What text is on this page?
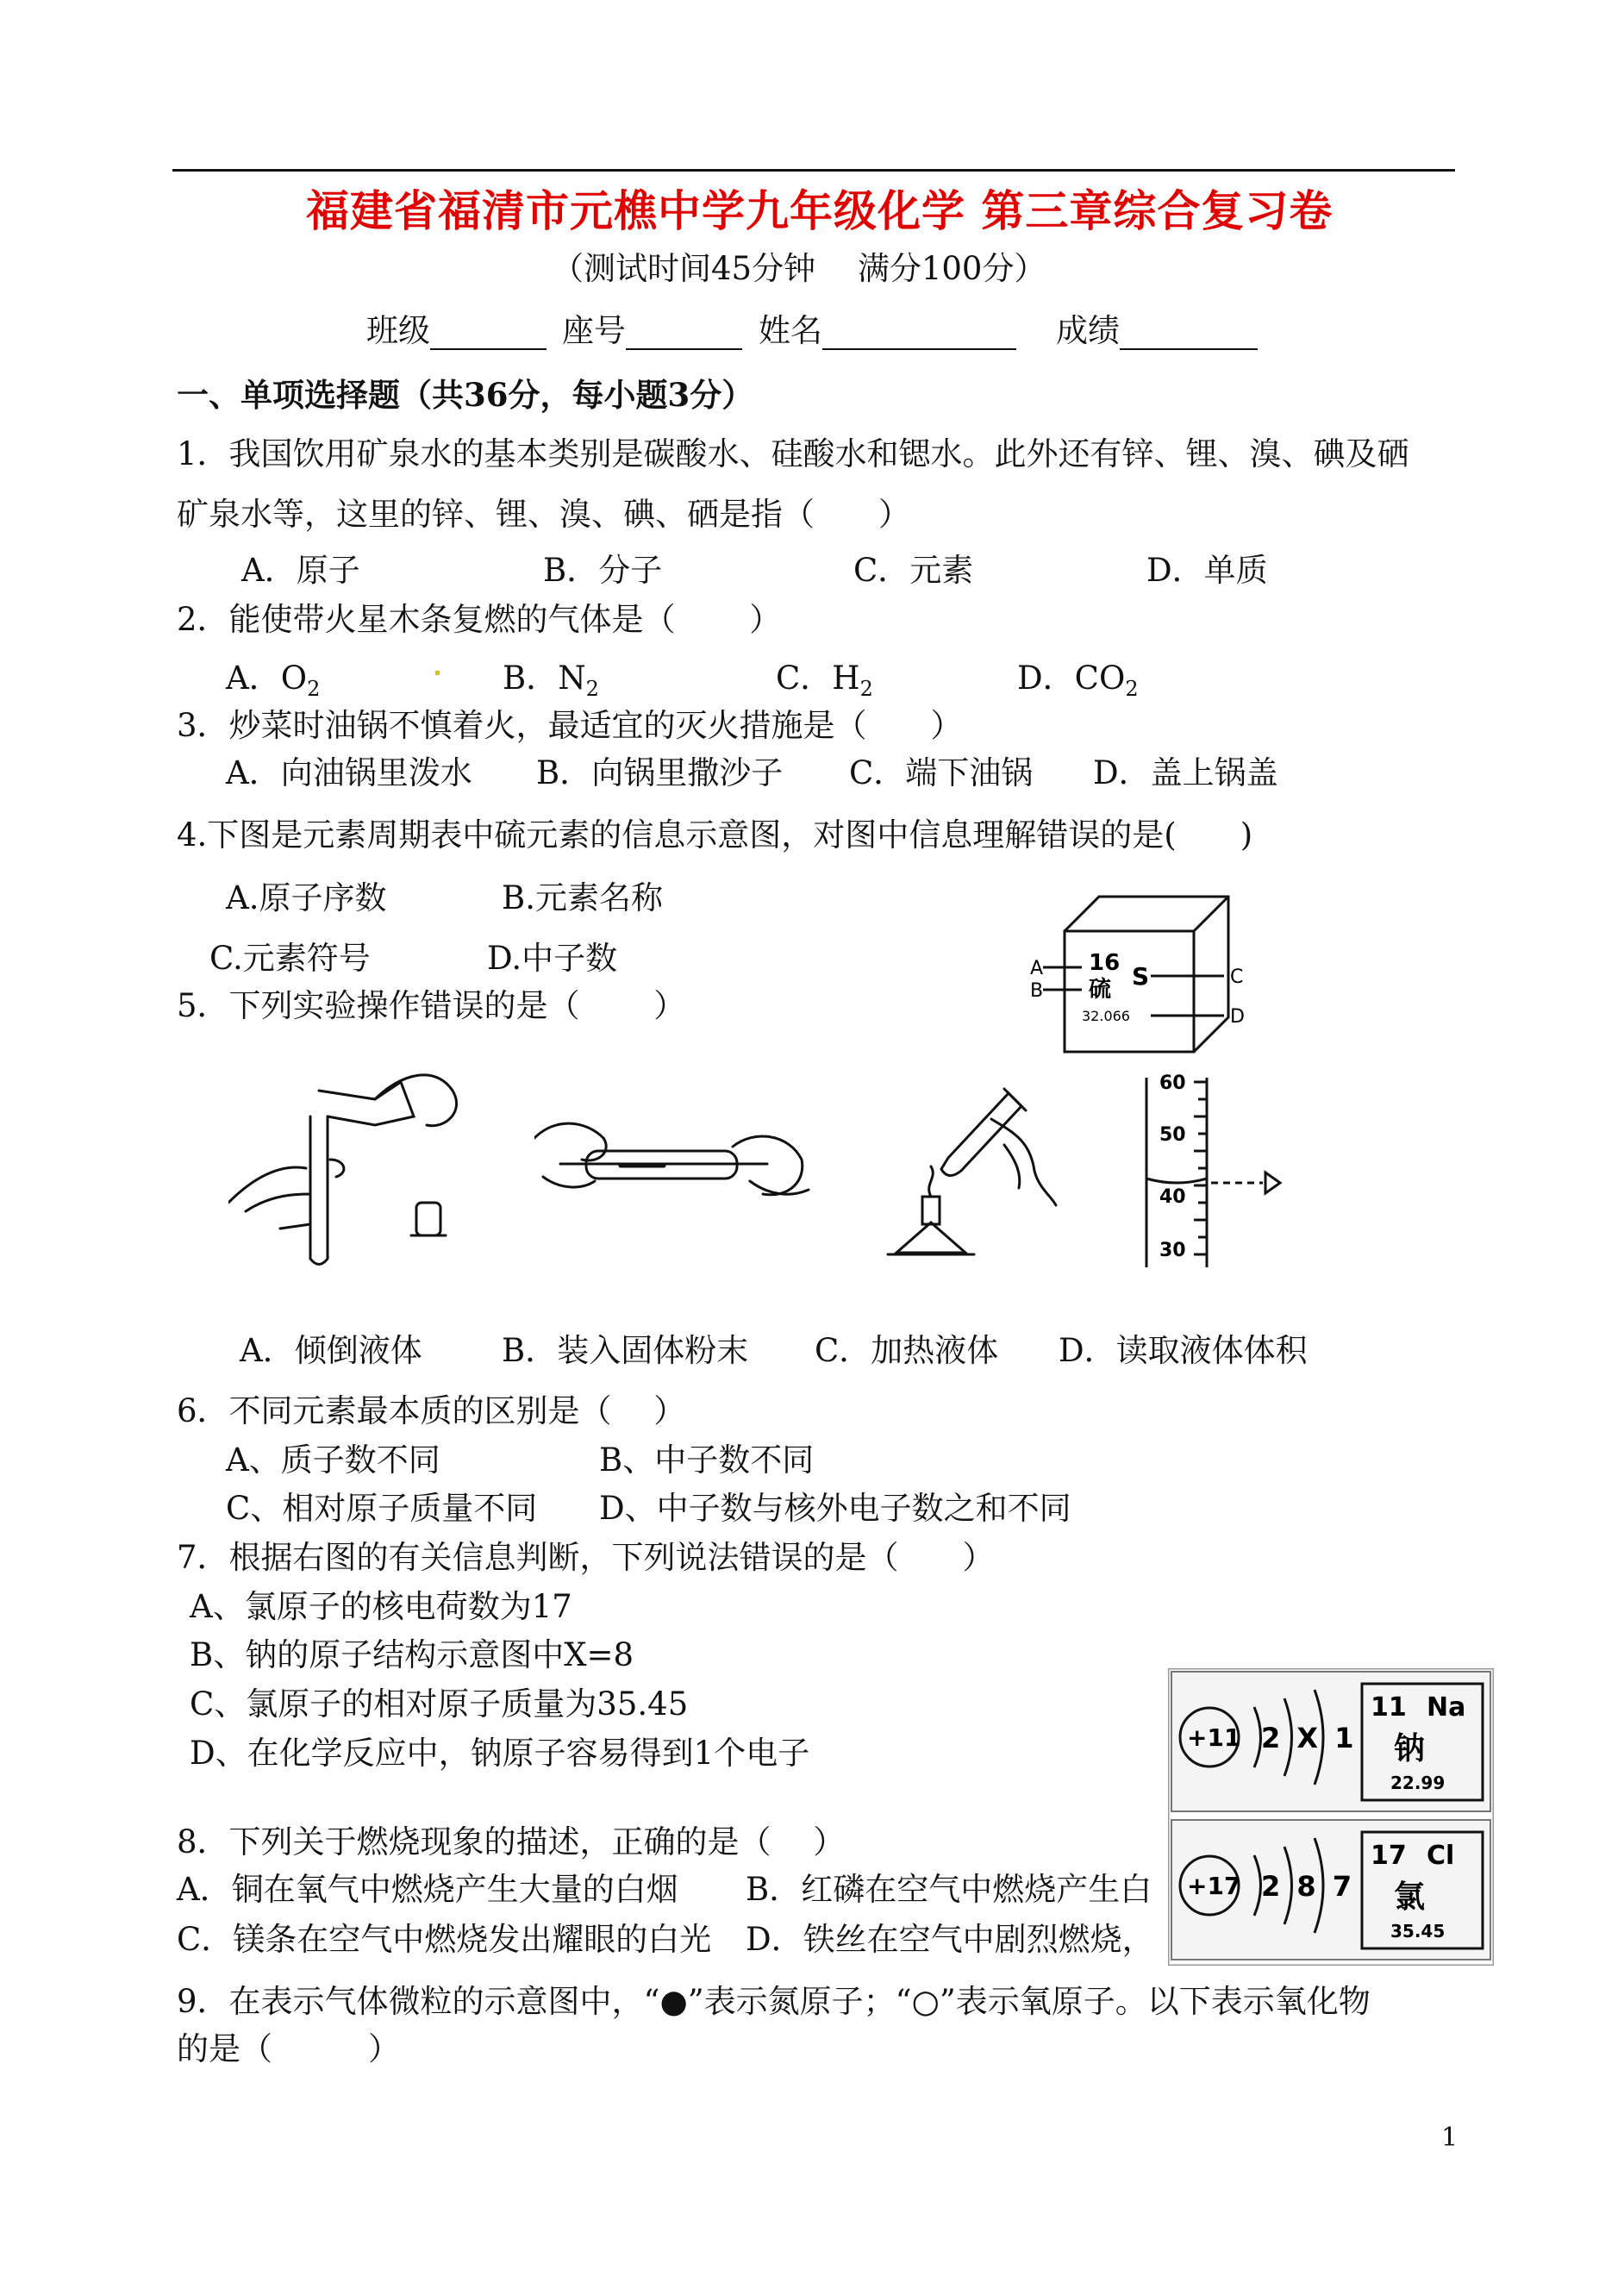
福建省福清市元樵中学九年级化学 第三章综合复习卷
（测试时间45分钟　 满分100分）
班级	座号	姓名	成绩
一、单项选择题（共36分，每小题3分）
1．我国饮用矿泉水的基本类别是碳酸水、硅酸水和锶水。此外还有锌、锂、溴、碘及硒
矿泉水等，这里的锌、锂、溴、碘、硒是指（　　）
A．原子	B．分子	C．元素	D．单质
2．能使带火星木条复燃的气体是（　　 ）
A．$O_2$	B．$N_2$	C．$H_2$	D．$CO_2$
3．炒菜时油锅不慎着火，最适宜的灭火措施是（　　）
A．向油锅里泼水 B．向锅里撒沙子 C．端下油锅 D．盖上锅盖
4.下图是元素周期表中硫元素的信息示意图，对图中信息理解错误的是(　　)
A.原子序数	B.元素名称
C.元素符号	D.中子数	16
硫 S
32.066
A
B
C
D
5．下列实验操作错误的是（　　 ）
60
50
40
30
A．倾倒液体 B．装入固体粉末 C．加热液体 D．读取液体体积
6．不同元素最本质的区别是（　 ）
A、质子数不同	B、中子数不同
C、相对原子质量不同 D、中子数与核外电子数之和不同
7．根据右图的有关信息判断，下列说法错误的是（　　）
A、氯原子的核电荷数为17
B、钠的原子结构示意图中X=8
C、氯原子的相对原子质量为35.45
D、在化学反应中，钠原子容易得到1个电子
8．下列关于燃烧现象的描述，正确的是（　 ）
A．铜在氧气中燃烧产生大量的白烟 B．红磷在空气中燃烧产生白
C．镁条在空气中燃烧发出耀眼的白光 D．铁丝在空气中剧烈燃烧，
+11 2 X 1
11 Na
钠
22.99
+17 2 8 7
17 Cl
氯
35.45
9．在表示气体微粒的示意图中，“●”表示氮原子；“○”表示氧原子。以下表示氧化物
的是（　　　）
1
